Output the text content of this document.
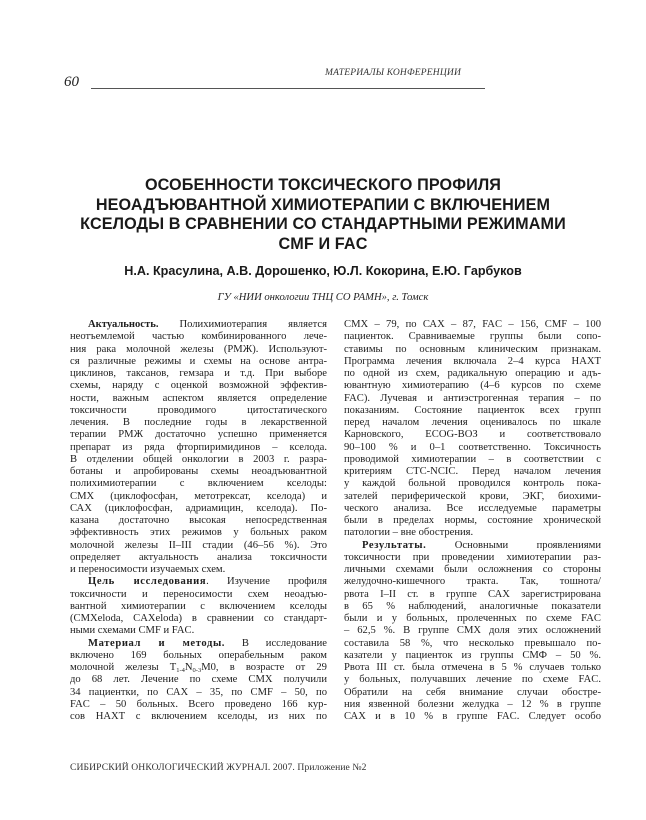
МАТЕРИАЛЫ КОНФЕРЕНЦИИ
60
ОСОБЕННОСТИ ТОКСИЧЕСКОГО ПРОФИЛЯ
НЕОАДЪЮВАНТНОЙ ХИМИОТЕРАПИИ С ВКЛЮЧЕНИЕМ
КСЕЛОДЫ В СРАВНЕНИИ СО СТАНДАРТНЫМИ РЕЖИМАМИ
CMF И FAC
Н.А. Красулина, А.В. Дорошенко, Ю.Л. Кокорина, Е.Ю. Гарбуков
ГУ «НИИ онкологии ТНЦ СО РАМН», г. Томск
Актуальность. Полихимиотерапия является
неотъемлемой частью комбинированного лече-
ния рака молочной железы (РМЖ). Используют-
ся различные режимы и схемы на основе антра-
циклинов, таксанов, гемзара и т.д. При выборе
схемы, наряду с оценкой возможной эффектив-
ности, важным аспектом является определение
токсичности проводимого цитостатического
лечения. В последние годы в лекарственной
терапии РМЖ достаточно успешно применяется
препарат из ряда фторпиримидинов – кселода.
В отделении общей онкологии в 2003 г. разра-
ботаны и апробированы схемы неоадъювантной
полихимиотерапии с включением кселоды:
СМХ (циклофосфан, метотрексат, кселода) и
САХ (циклофосфан, адриамицин, кселода). По-
казана достаточно высокая непосредственная
эффективность этих режимов у больных раком
молочной железы II–III стадии (46–56 %). Это
определяет актуальность анализа токсичности
и переносимости изучаемых схем.
Цель исследования. Изучение профиля
токсичности и переносимости схем неоадъю-
вантной химиотерапии с включением кселоды
(CMXeloda, CAXeloda) в сравнении со стандарт-
ными схемами CMF и FAC.
Материал и методы. В исследование
включено 169 больных операбельным раком
молочной железы $T_{1-4}N_{0-3}M0$, в возрасте от 29
до 68 лет. Лечение по схеме СМХ получили
34 пациентки, по САХ – 35, по CMF – 50, по
FAC – 50 больных. Всего проведено 166 кур-
сов НАХТ с включением кселоды, из них по
СМХ – 79, по САХ – 87, FAC – 156, CMF – 100
пациенток. Сравниваемые группы были сопо-
ставимы по основным клиническим признакам.
Программа лечения включала 2–4 курса НАХТ
по одной из схем, радикальную операцию и адъ-
ювантную химиотерапию (4–6 курсов по схеме
FAC). Лучевая и антиэстрогенная терапия – по
показаниям. Состояние пациенток всех групп
перед началом лечения оценивалось по шкале
Карновского, ECOG-ВОЗ и соответствовало
90–100 % и 0–1 соответственно. Токсичность
проводимой химиотерапии – в соответствии с
критериям CTC-NCIC. Перед началом лечения
у каждой больной проводился контроль пока-
зателей периферической крови, ЭКГ, биохими-
ческого анализа. Все исследуемые параметры
были в пределах нормы, состояние хронической
патологии – вне обострения.
Результаты. Основными проявлениями
токсичности при проведении химиотерапии раз-
личными схемами были осложнения со стороны
желудочно-кишечного тракта. Так, тошнота/
рвота I–II ст. в группе САХ зарегистрирована
в 65 % наблюдений, аналогичные показатели
были и у больных, пролеченных по схеме FAC
– 62,5 %. В группе СМХ доля этих осложнений
составила 58 %, что несколько превышало по-
казатели у пациенток из группы СМФ – 50 %.
Рвота III ст. была отмечена в 5 % случаев только
у больных, получавших лечение по схеме FAC.
Обратили на себя внимание случаи обостре-
ния язвенной болезни желудка – 12 % в группе
САХ и в 10 % в группе FAC. Следует особо
СИБИРСКИЙ ОНКОЛОГИЧЕСКИЙ ЖУРНАЛ. 2007. Приложение №2
